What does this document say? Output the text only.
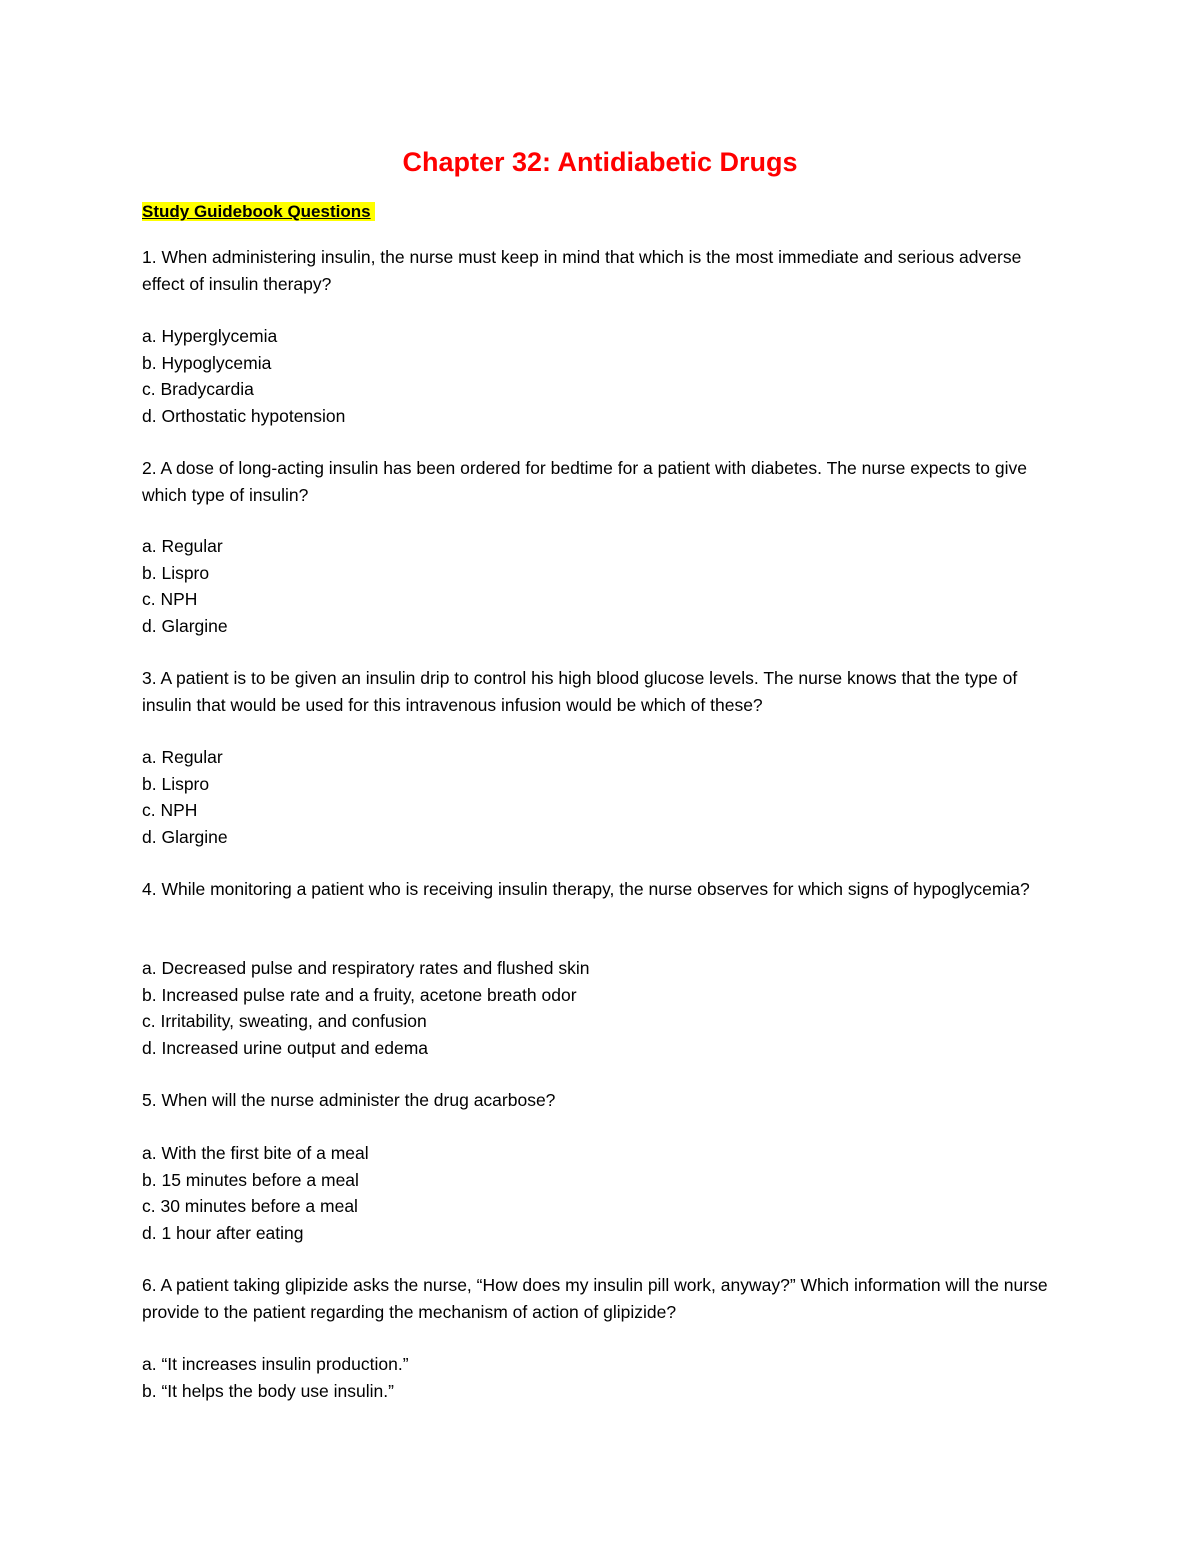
Chapter 32: Antidiabetic Drugs

Study Guidebook Questions

1. When administering insulin, the nurse must keep in mind that which is the most immediate and serious adverse effect of insulin therapy?

a. Hyperglycemia
b. Hypoglycemia
c. Bradycardia
d. Orthostatic hypotension

2. A dose of long-acting insulin has been ordered for bedtime for a patient with diabetes. The nurse expects to give which type of insulin?

a. Regular
b. Lispro
c. NPH
d. Glargine

3. A patient is to be given an insulin drip to control his high blood glucose levels. The nurse knows that the type of insulin that would be used for this intravenous infusion would be which of these?

a. Regular
b. Lispro
c. NPH
d. Glargine

4. While monitoring a patient who is receiving insulin therapy, the nurse observes for which signs of hypoglycemia?

a. Decreased pulse and respiratory rates and flushed skin
b. Increased pulse rate and a fruity, acetone breath odor
c. Irritability, sweating, and confusion
d. Increased urine output and edema

5. When will the nurse administer the drug acarbose?

a. With the first bite of a meal
b. 15 minutes before a meal
c. 30 minutes before a meal
d. 1 hour after eating

6. A patient taking glipizide asks the nurse, “How does my insulin pill work, anyway?” Which information will the nurse provide to the patient regarding the mechanism of action of glipizide?

a. “It increases insulin production.”
b. “It helps the body use insulin.”
